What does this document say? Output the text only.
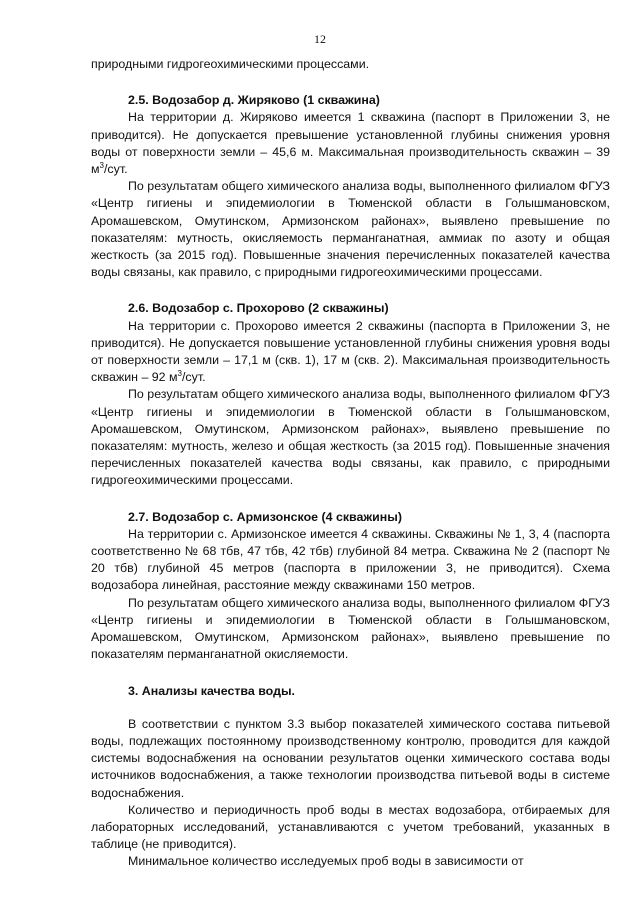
12

природными гидрогеохимическими процессами.

2.5. Водозабор д. Жиряково (1 скважина)

На территории д. Жиряково имеется 1 скважина (паспорт в Приложении 3, не приводится). Не допускается превышение установленной глубины снижения уровня воды от поверхности земли – 45,6 м. Максимальная производительность скважин – 39 $м^3$/сут.

По результатам общего химического анализа воды, выполненного филиалом ФГУЗ «Центр гигиены и эпидемиологии в Тюменской области в Голышмановском, Аромашевском, Омутинском, Армизонском районах», выявлено превышение по показателям: мутность, окисляемость перманганатная, аммиак по азоту и общая жесткость (за 2015 год). Повышенные значения перечисленных показателей качества воды связаны, как правило, с природными гидрогеохимическими процессами.

2.6. Водозабор с. Прохорово (2 скважины)

На территории с. Прохорово имеется 2 скважины (паспорта в Приложении 3, не приводится). Не допускается повышение установленной глубины снижения уровня воды от поверхности земли – 17,1 м (скв. 1), 17 м (скв. 2). Максимальная производительность скважин – 92 $м^3$/сут.

По результатам общего химического анализа воды, выполненного филиалом ФГУЗ «Центр гигиены и эпидемиологии в Тюменской области в Голышмановском, Аромашевском, Омутинском, Армизонском районах», выявлено превышение по показателям: мутность, железо и общая жесткость (за 2015 год). Повышенные значения перечисленных показателей качества воды связаны, как правило, с природными гидрогеохимическими процессами.

2.7. Водозабор с. Армизонское (4 скважины)

На территории с. Армизонское имеется 4 скважины. Скважины № 1, 3, 4 (паспорта соответственно № 68 тбв, 47 тбв, 42 тбв) глубиной 84 метра. Скважина № 2 (паспорт № 20 тбв) глубиной 45 метров (паспорта в приложении 3, не приводится). Схема водозабора линейная, расстояние между скважинами 150 метров.

По результатам общего химического анализа воды, выполненного филиалом ФГУЗ «Центр гигиены и эпидемиологии в Тюменской области в Голышмановском, Аромашевском, Омутинском, Армизонском районах», выявлено превышение по показателям перманганатной окисляемости.

3. Анализы качества воды.

В соответствии с пунктом 3.3 выбор показателей химического состава питьевой воды, подлежащих постоянному производственному контролю, проводится для каждой системы водоснабжения на основании результатов оценки химического состава воды источников водоснабжения, а также технологии производства питьевой воды в системе водоснабжения.

Количество и периодичность проб воды в местах водозабора, отбираемых для лабораторных исследований, устанавливаются с учетом требований, указанных в таблице (не приводится).

Минимальное количество исследуемых проб воды в зависимости от
